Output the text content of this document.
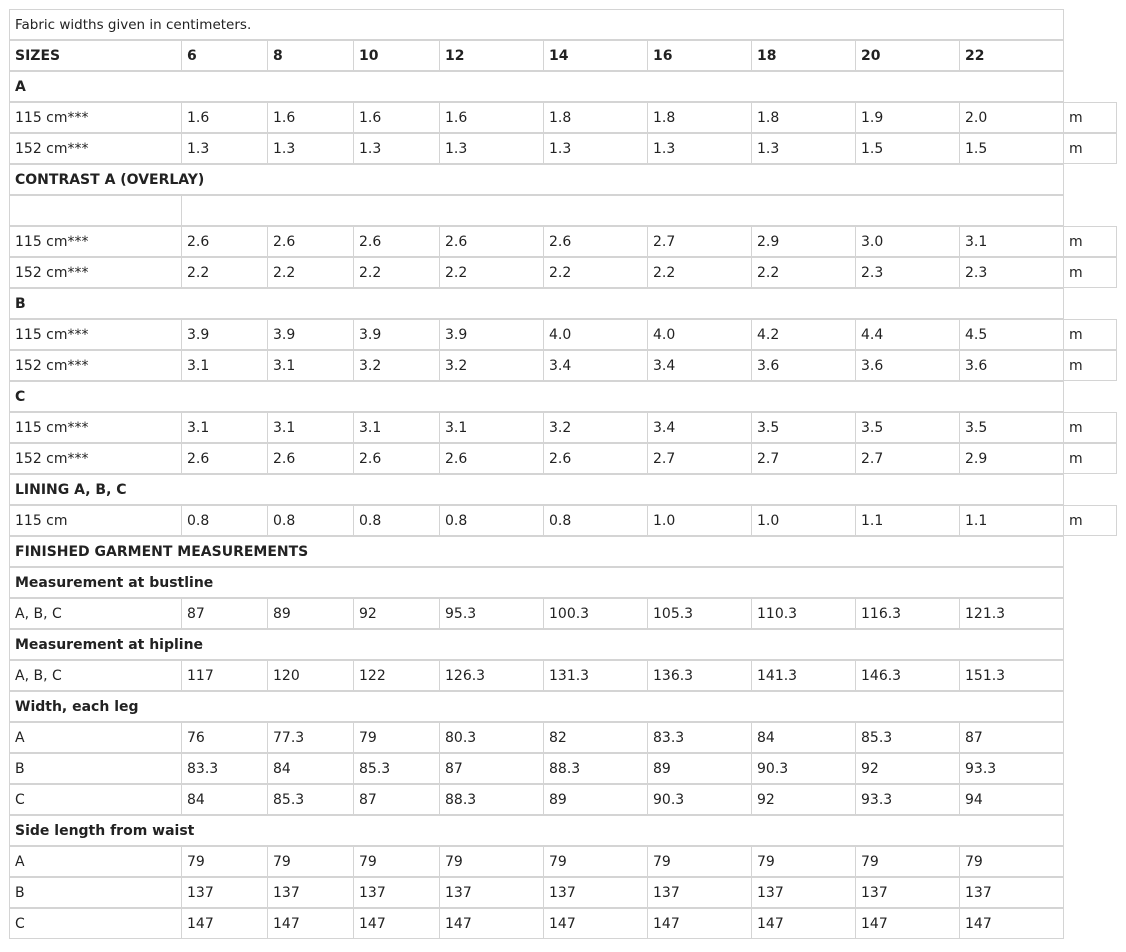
Fabric widths given in centimeters.
SIZES	6	8	10	12	14	16	18	20	22
A
115 cm***	1.6	1.6	1.6	1.6	1.8	1.8	1.8	1.9	2.0	m
152 cm***	1.3	1.3	1.3	1.3	1.3	1.3	1.3	1.5	1.5	m
CONTRAST A (OVERLAY)
115 cm***	2.6	2.6	2.6	2.6	2.6	2.7	2.9	3.0	3.1	m
152 cm***	2.2	2.2	2.2	2.2	2.2	2.2	2.2	2.3	2.3	m
B
115 cm***	3.9	3.9	3.9	3.9	4.0	4.0	4.2	4.4	4.5	m
152 cm***	3.1	3.1	3.2	3.2	3.4	3.4	3.6	3.6	3.6	m
C
115 cm***	3.1	3.1	3.1	3.1	3.2	3.4	3.5	3.5	3.5	m
152 cm***	2.6	2.6	2.6	2.6	2.6	2.7	2.7	2.7	2.9	m
LINING A, B, C
115 cm	0.8	0.8	0.8	0.8	0.8	1.0	1.0	1.1	1.1	m
FINISHED GARMENT MEASUREMENTS
Measurement at bustline
A, B, C	87	89	92	95.3	100.3	105.3	110.3	116.3	121.3
Measurement at hipline
A, B, C	117	120	122	126.3	131.3	136.3	141.3	146.3	151.3
Width, each leg
A	76	77.3	79	80.3	82	83.3	84	85.3	87
B	83.3	84	85.3	87	88.3	89	90.3	92	93.3
C	84	85.3	87	88.3	89	90.3	92	93.3	94
Side length from waist
A	79	79	79	79	79	79	79	79	79
B	137	137	137	137	137	137	137	137	137
C	147	147	147	147	147	147	147	147	147
